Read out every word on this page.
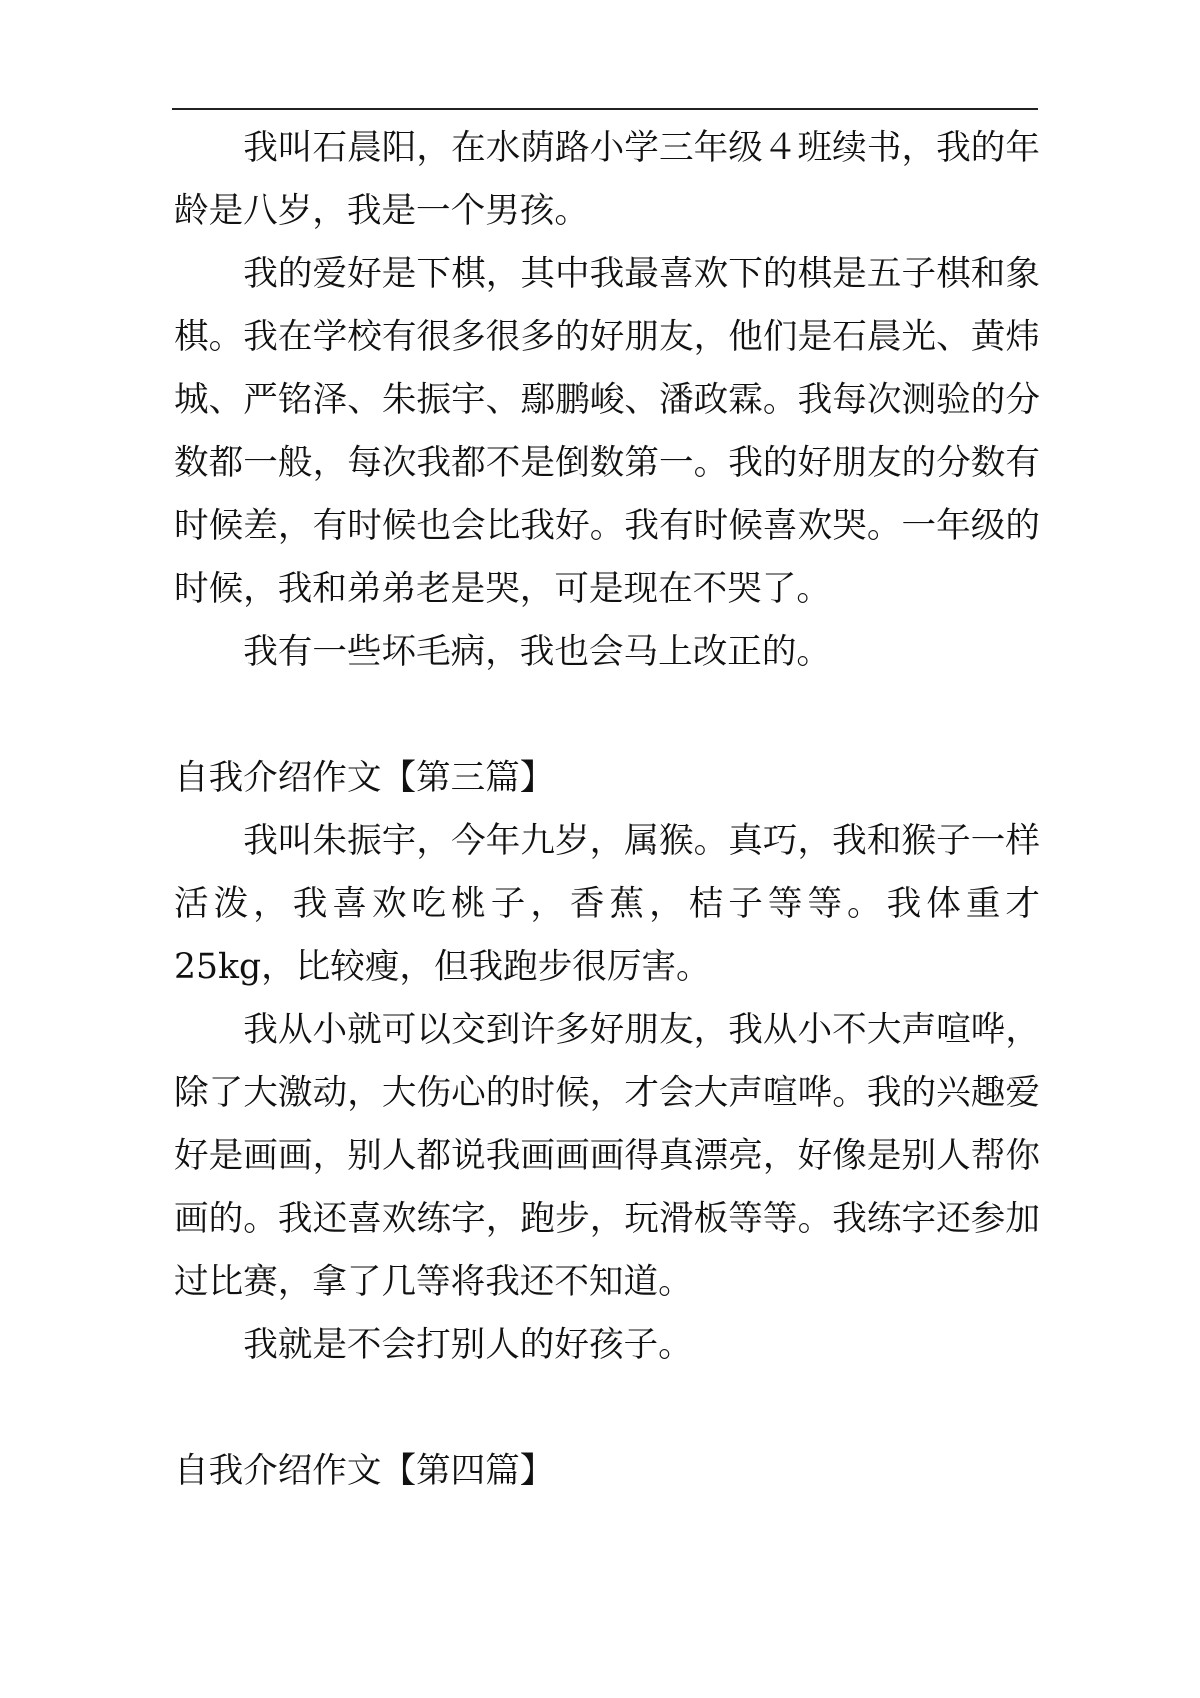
我叫石晨阳，在水荫路小学三年级４班续书，我的年龄是八岁，我是一个男孩。

我的爱好是下棋，其中我最喜欢下的棋是五子棋和象棋。我在学校有很多很多的好朋友，他们是石晨光、黄炜城、严铭泽、朱振宇、鄢鹏峻、潘政霖。我每次测验的分数都一般，每次我都不是倒数第一。我的好朋友的分数有时候差，有时候也会比我好。我有时候喜欢哭。一年级的时候，我和弟弟老是哭，可是现在不哭了。

我有一些坏毛病，我也会马上改正的。

自我介绍作文【第三篇】

我叫朱振宇，今年九岁，属猴。真巧，我和猴子一样活泼，我喜欢吃桃子，香蕉，桔子等等。我体重才25kg，比较瘦，但我跑步很厉害。

我从小就可以交到许多好朋友，我从小不大声喧哗，除了大激动，大伤心的时候，才会大声喧哗。我的兴趣爱好是画画，别人都说我画画画得真漂亮，好像是别人帮你画的。我还喜欢练字，跑步，玩滑板等等。我练字还参加过比赛，拿了几等将我还不知道。

我就是不会打别人的好孩子。

自我介绍作文【第四篇】
